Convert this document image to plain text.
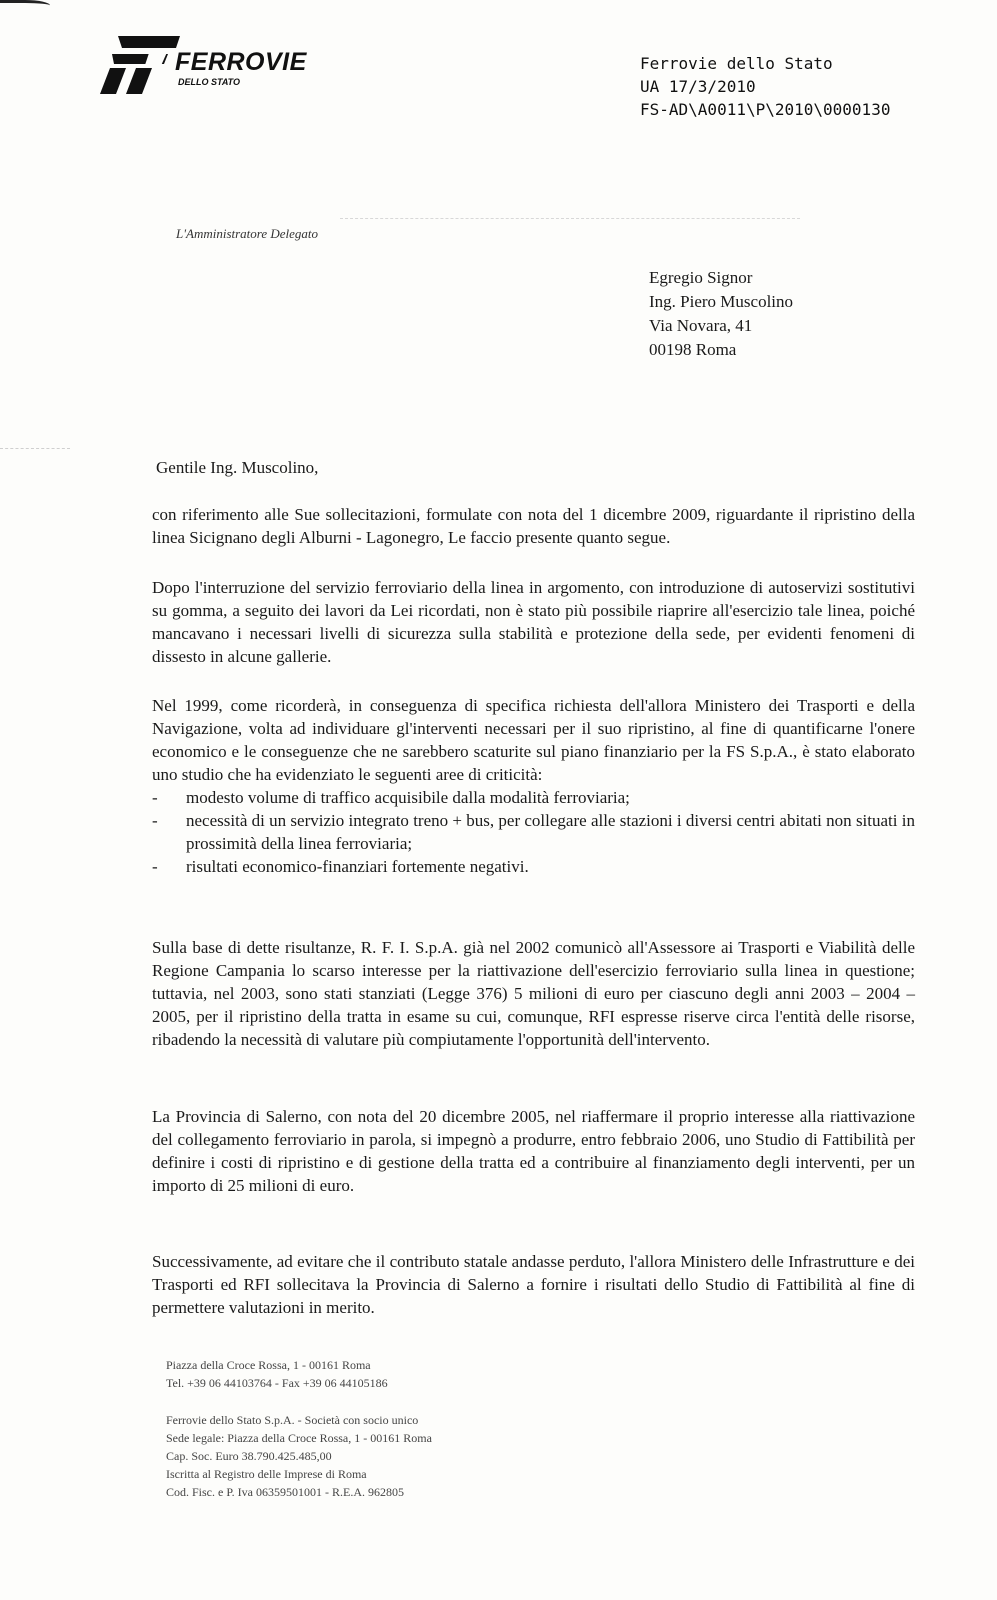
FERROVIE
DELLO STATO
Ferrovie dello Stato
UA 17/3/2010
FS-AD\A0011\P\2010\0000130
L'Amministratore Delegato
Egregio Signor
Ing. Piero Muscolino
Via Novara, 41
00198 Roma
Gentile Ing. Muscolino,

con riferimento alle Sue sollecitazioni, formulate con nota del 1 dicembre 2009, riguardante il ripristino della linea Sicignano degli Alburni - Lagonegro, Le faccio presente quanto segue.

Dopo l'interruzione del servizio ferroviario della linea in argomento, con introduzione di autoservizi sostitutivi su gomma, a seguito dei lavori da Lei ricordati, non è stato più possibile riaprire all'esercizio tale linea, poiché mancavano i necessari livelli di sicurezza sulla stabilità e protezione della sede, per evidenti fenomeni di dissesto in alcune gallerie.

Nel 1999, come ricorderà, in conseguenza di specifica richiesta dell'allora Ministero dei Trasporti e della Navigazione, volta ad individuare gl'interventi necessari per il suo ripristino, al fine di quantificarne l'onere economico e le conseguenze che ne sarebbero scaturite sul piano finanziario per la FS S.p.A., è stato elaborato uno studio che ha evidenziato le seguenti aree di criticità:

- modesto volume di traffico acquisibile dalla modalità ferroviaria;
- necessità di un servizio integrato treno + bus, per collegare alle stazioni i diversi centri abitati non situati in prossimità della linea ferroviaria;
- risultati economico-finanziari fortemente negativi.

Sulla base di dette risultanze, R. F. I. S.p.A. già nel 2002 comunicò all'Assessore ai Trasporti e Viabilità delle Regione Campania lo scarso interesse per la riattivazione dell'esercizio ferroviario sulla linea in questione; tuttavia, nel 2003, sono stati stanziati (Legge 376) 5 milioni di euro per ciascuno degli anni 2003 – 2004 – 2005, per il ripristino della tratta in esame su cui, comunque, RFI espresse riserve circa l'entità delle risorse, ribadendo la necessità di valutare più compiutamente l'opportunità dell'intervento.

La Provincia di Salerno, con nota del 20 dicembre 2005, nel riaffermare il proprio interesse alla riattivazione del collegamento ferroviario in parola, si impegnò a produrre, entro febbraio 2006, uno Studio di Fattibilità per definire i costi di ripristino e di gestione della tratta ed a contribuire al finanziamento degli interventi, per un importo di 25 milioni di euro.

Successivamente, ad evitare che il contributo statale andasse perduto, l'allora Ministero delle Infrastrutture e dei Trasporti ed RFI sollecitava la Provincia di Salerno a fornire i risultati dello Studio di Fattibilità al fine di permettere valutazioni in merito.

Piazza della Croce Rossa, 1 - 00161 Roma
Tel. +39 06 44103764 - Fax +39 06 44105186
Ferrovie dello Stato S.p.A. - Società con socio unico
Sede legale: Piazza della Croce Rossa, 1 - 00161 Roma
Cap. Soc. Euro 38.790.425.485,00
Iscritta al Registro delle Imprese di Roma
Cod. Fisc. e P. Iva 06359501001 - R.E.A. 962805
